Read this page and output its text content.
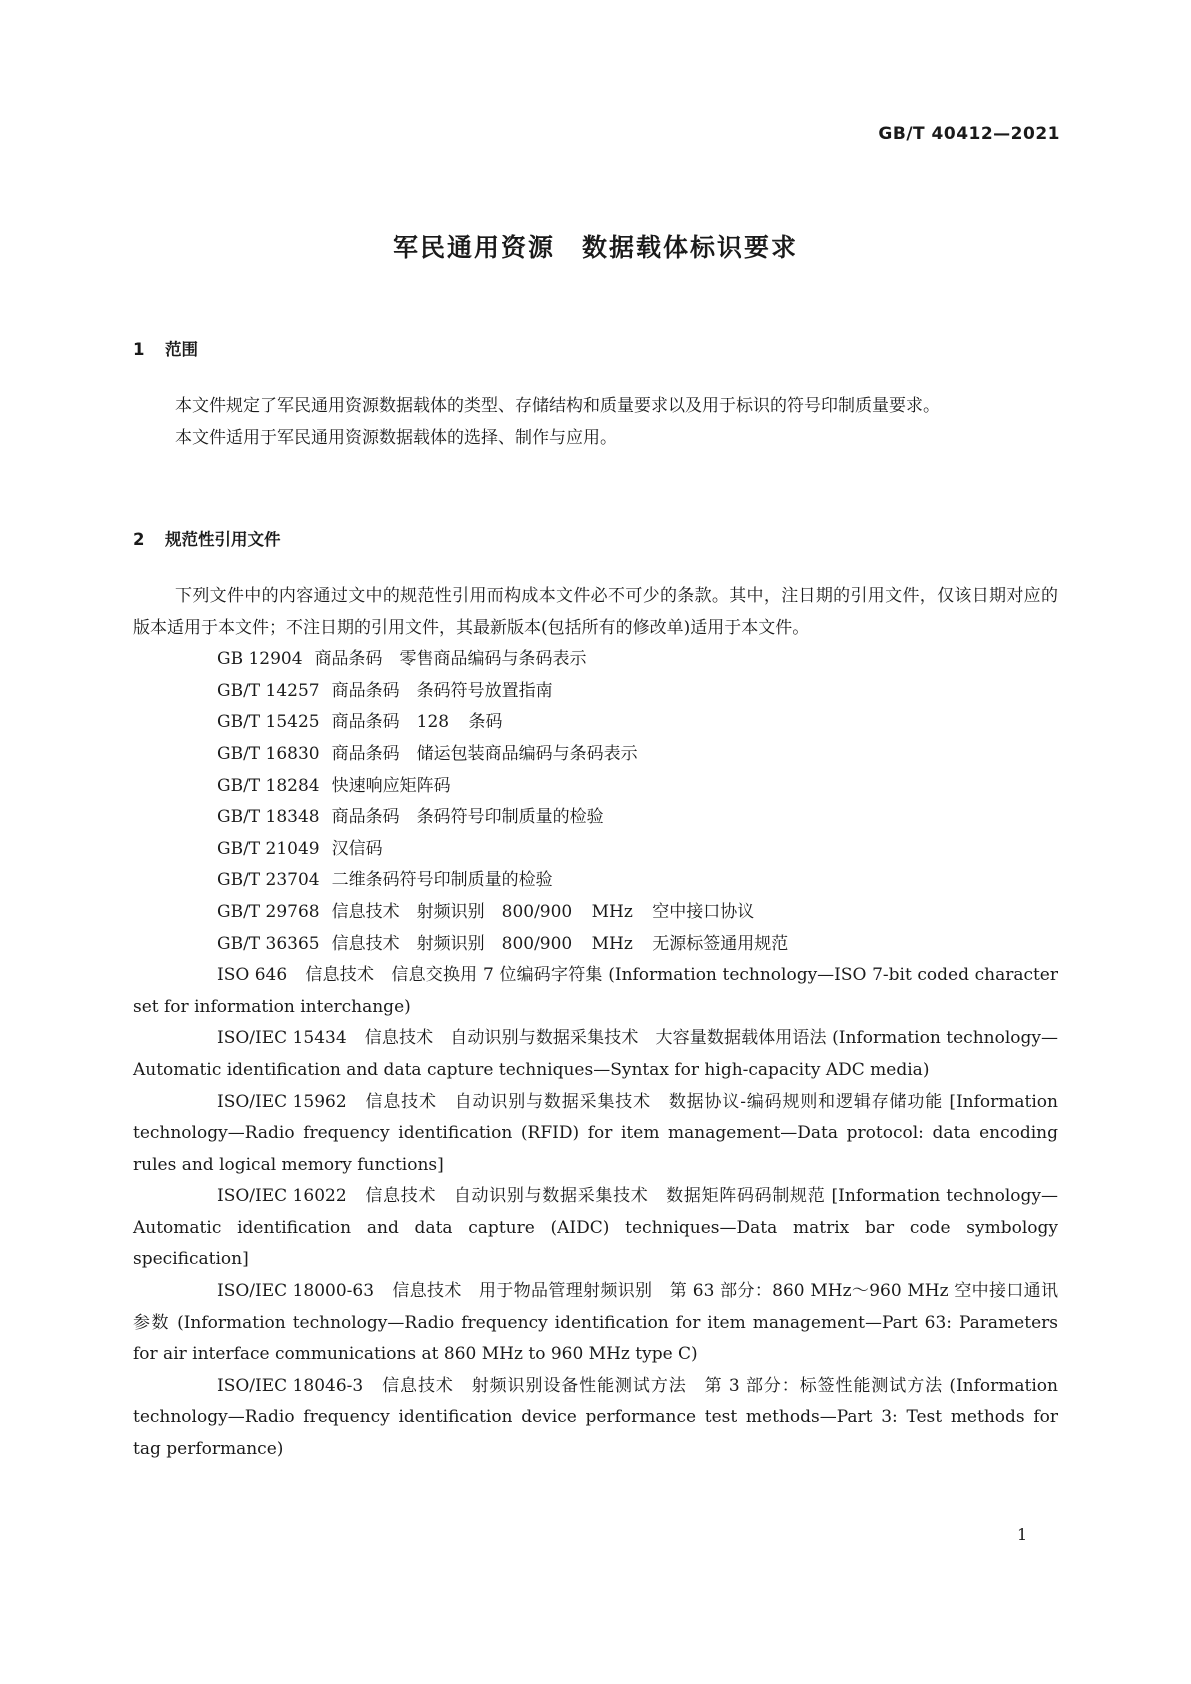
GB/T 40412—2021
军民通用资源　数据载体标识要求
1 范围

本文件规定了军民通用资源数据载体的类型、存储结构和质量要求以及用于标识的符号印制质量要求。

本文件适用于军民通用资源数据载体的选择、制作与应用。

2 规范性引用文件

下列文件中的内容通过文中的规范性引用而构成本文件必不可少的条款。其中，注日期的引用文件，仅该日期对应的版本适用于本文件；不注日期的引用文件，其最新版本(包括所有的修改单)适用于本文件。

GB 12904 商品条码　零售商品编码与条码表示
GB/T 14257 商品条码　条码符号放置指南
GB/T 15425 商品条码　128 条码
GB/T 16830 商品条码　储运包装商品编码与条码表示
GB/T 18284 快速响应矩阵码
GB/T 18348 商品条码　条码符号印制质量的检验
GB/T 21049 汉信码
GB/T 23704 二维条码符号印制质量的检验
GB/T 29768 信息技术　射频识别　800/900 MHz 空中接口协议
GB/T 36365 信息技术　射频识别　800/900 MHz 无源标签通用规范
ISO 646 信息技术　信息交换用 7 位编码字符集 (Information technology—ISO 7-bit coded character set for information interchange)
ISO/IEC 15434 信息技术　自动识别与数据采集技术　大容量数据载体用语法 (Information technology—Automatic identification and data capture techniques—Syntax for high-capacity ADC media)
ISO/IEC 15962 信息技术　自动识别与数据采集技术　数据协议-编码规则和逻辑存储功能 [Information technology—Radio frequency identification (RFID) for item management—Data protocol: data encoding rules and logical memory functions]
ISO/IEC 16022 信息技术　自动识别与数据采集技术　数据矩阵码码制规范 [Information technology—Automatic identification and data capture (AIDC) techniques—Data matrix bar code symbology specification]
ISO/IEC 18000-63 信息技术　用于物品管理射频识别　第 63 部分：860 MHz～960 MHz 空中接口通讯参数 (Information technology—Radio frequency identification for item management—Part 63: Parameters for air interface communications at 860 MHz to 960 MHz type C)
ISO/IEC 18046-3 信息技术　射频识别设备性能测试方法　第 3 部分：标签性能测试方法 (Information technology—Radio frequency identification device performance test methods—Part 3: Test methods for tag performance)
1
